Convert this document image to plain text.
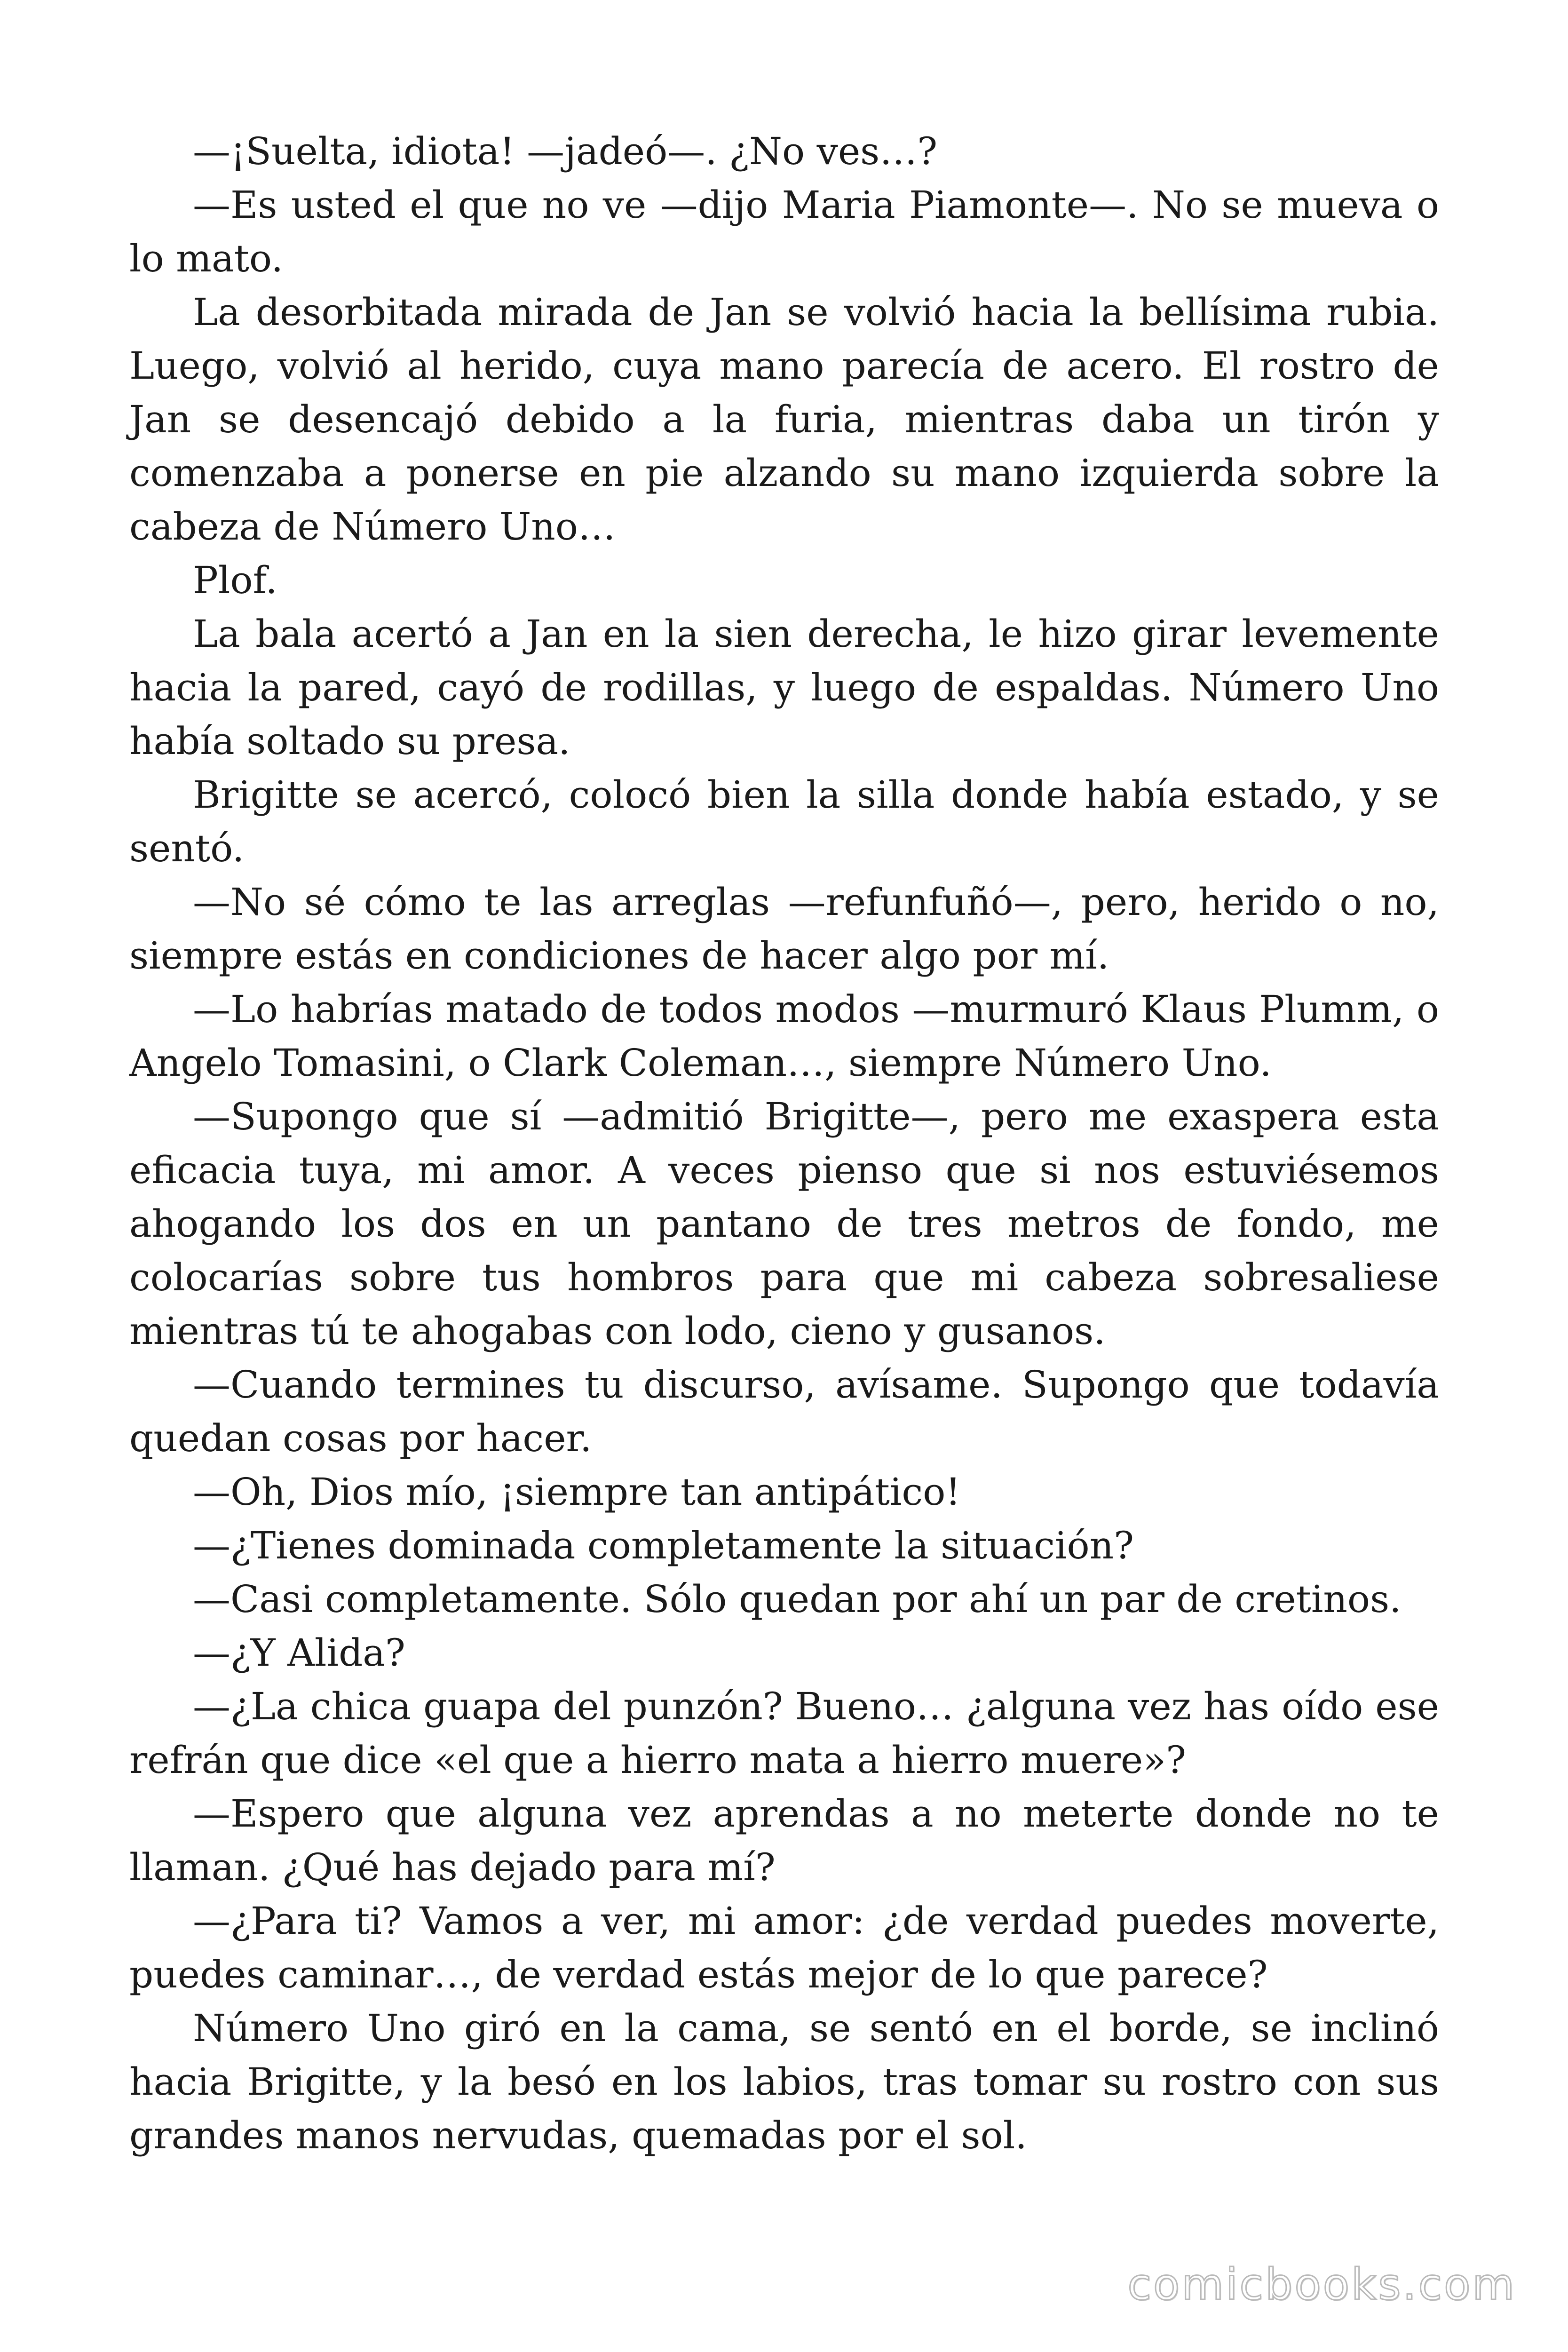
—¡Suelta, idiota! —jadeó—. ¿No ves…?

—Es usted el que no ve —dijo Maria Piamonte—. No se mueva o lo mato.

La desorbitada mirada de Jan se volvió hacia la bellísima rubia. Luego, volvió al herido, cuya mano parecía de acero. El rostro de Jan se desencajó debido a la furia, mientras daba un tirón y comenzaba a ponerse en pie alzando su mano izquierda sobre la cabeza de Número Uno…

Plof.

La bala acertó a Jan en la sien derecha, le hizo girar levemente hacia la pared, cayó de rodillas, y luego de espaldas. Número Uno había soltado su presa.

Brigitte se acercó, colocó bien la silla donde había estado, y se sentó.

—No sé cómo te las arreglas —refunfuñó—, pero, herido o no, siempre estás en condiciones de hacer algo por mí.

—Lo habrías matado de todos modos —murmuró Klaus Plumm, o Angelo Tomasini, o Clark Coleman…, siempre Número Uno.

—Supongo que sí —admitió Brigitte—, pero me exaspera esta eficacia tuya, mi amor. A veces pienso que si nos estuviésemos ahogando los dos en un pantano de tres metros de fondo, me colocarías sobre tus hombros para que mi cabeza sobresaliese mientras tú te ahogabas con lodo, cieno y gusanos.

—Cuando termines tu discurso, avísame. Supongo que todavía quedan cosas por hacer.

—Oh, Dios mío, ¡siempre tan antipático!

—¿Tienes dominada completamente la situación?

—Casi completamente. Sólo quedan por ahí un par de cretinos.

—¿Y Alida?

—¿La chica guapa del punzón? Bueno… ¿alguna vez has oído ese refrán que dice «el que a hierro mata a hierro muere»?

—Espero que alguna vez aprendas a no meterte donde no te llaman. ¿Qué has dejado para mí?

—¿Para ti? Vamos a ver, mi amor: ¿de verdad puedes moverte, puedes caminar…, de verdad estás mejor de lo que parece?

Número Uno giró en la cama, se sentó en el borde, se inclinó hacia Brigitte, y la besó en los labios, tras tomar su rostro con sus grandes manos nervudas, quemadas por el sol.

comicbooks.com
